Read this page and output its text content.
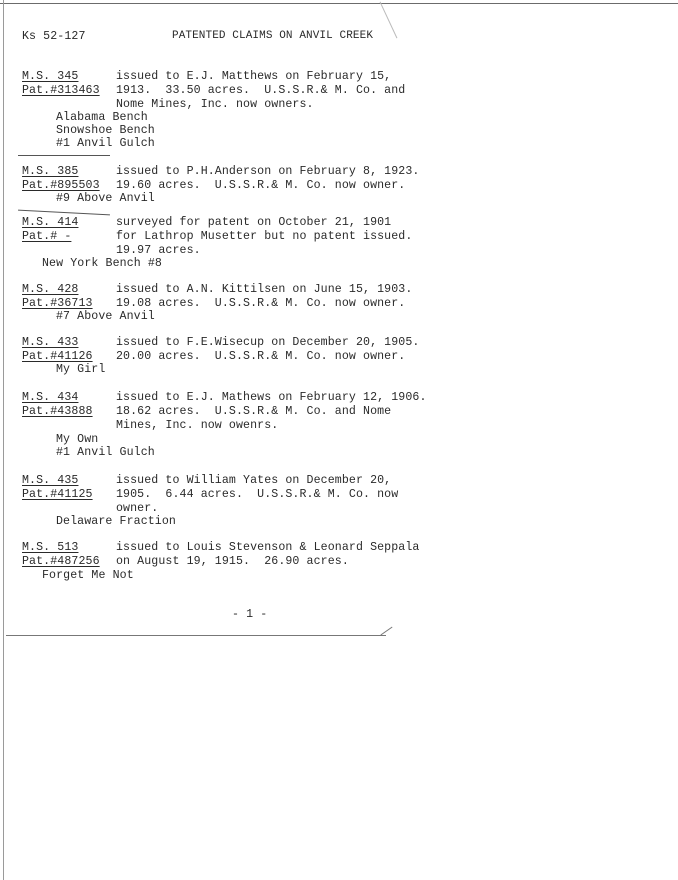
Ks 52-127	PATENTED CLAIMS ON ANVIL CREEK
M.S. 345	issued to E.J. Matthews on February 15,
Pat.#313463 1913.  33.50 acres.  U.S.S.R.& M. Co. and
Nome Mines, Inc. now owners.
Alabama Bench
Snowshoe Bench
#1 Anvil Gulch
M.S. 385	issued to P.H.Anderson on February 8, 1923.
Pat.#895503 19.60 acres.  U.S.S.R.& M. Co. now owner.
#9 Above Anvil
M.S. 414	surveyed for patent on October 21, 1901
Pat.# -	for Lathrop Musetter but no patent issued.
19.97 acres.
New York Bench #8
M.S. 428	issued to A.N. Kittilsen on June 15, 1903.
Pat.#36713 19.08 acres.  U.S.S.R.& M. Co. now owner.
#7 Above Anvil
M.S. 433	issued to F.E.Wisecup on December 20, 1905.
Pat.#41126 20.00 acres.  U.S.S.R.& M. Co. now owner.
My Girl
M.S. 434	issued to E.J. Mathews on February 12, 1906.
Pat.#43888 18.62 acres.  U.S.S.R.& M. Co. and Nome
Mines, Inc. now owenrs.
My Own
#1 Anvil Gulch
M.S. 435	issued to William Yates on December 20,
Pat.#41125 1905.  6.44 acres.  U.S.S.R.& M. Co. now
owner.
Delaware Fraction
M.S. 513	issued to Louis Stevenson & Leonard Seppala
Pat.#487256 on August 19, 1915.  26.90 acres.
Forget Me Not
- 1 -
